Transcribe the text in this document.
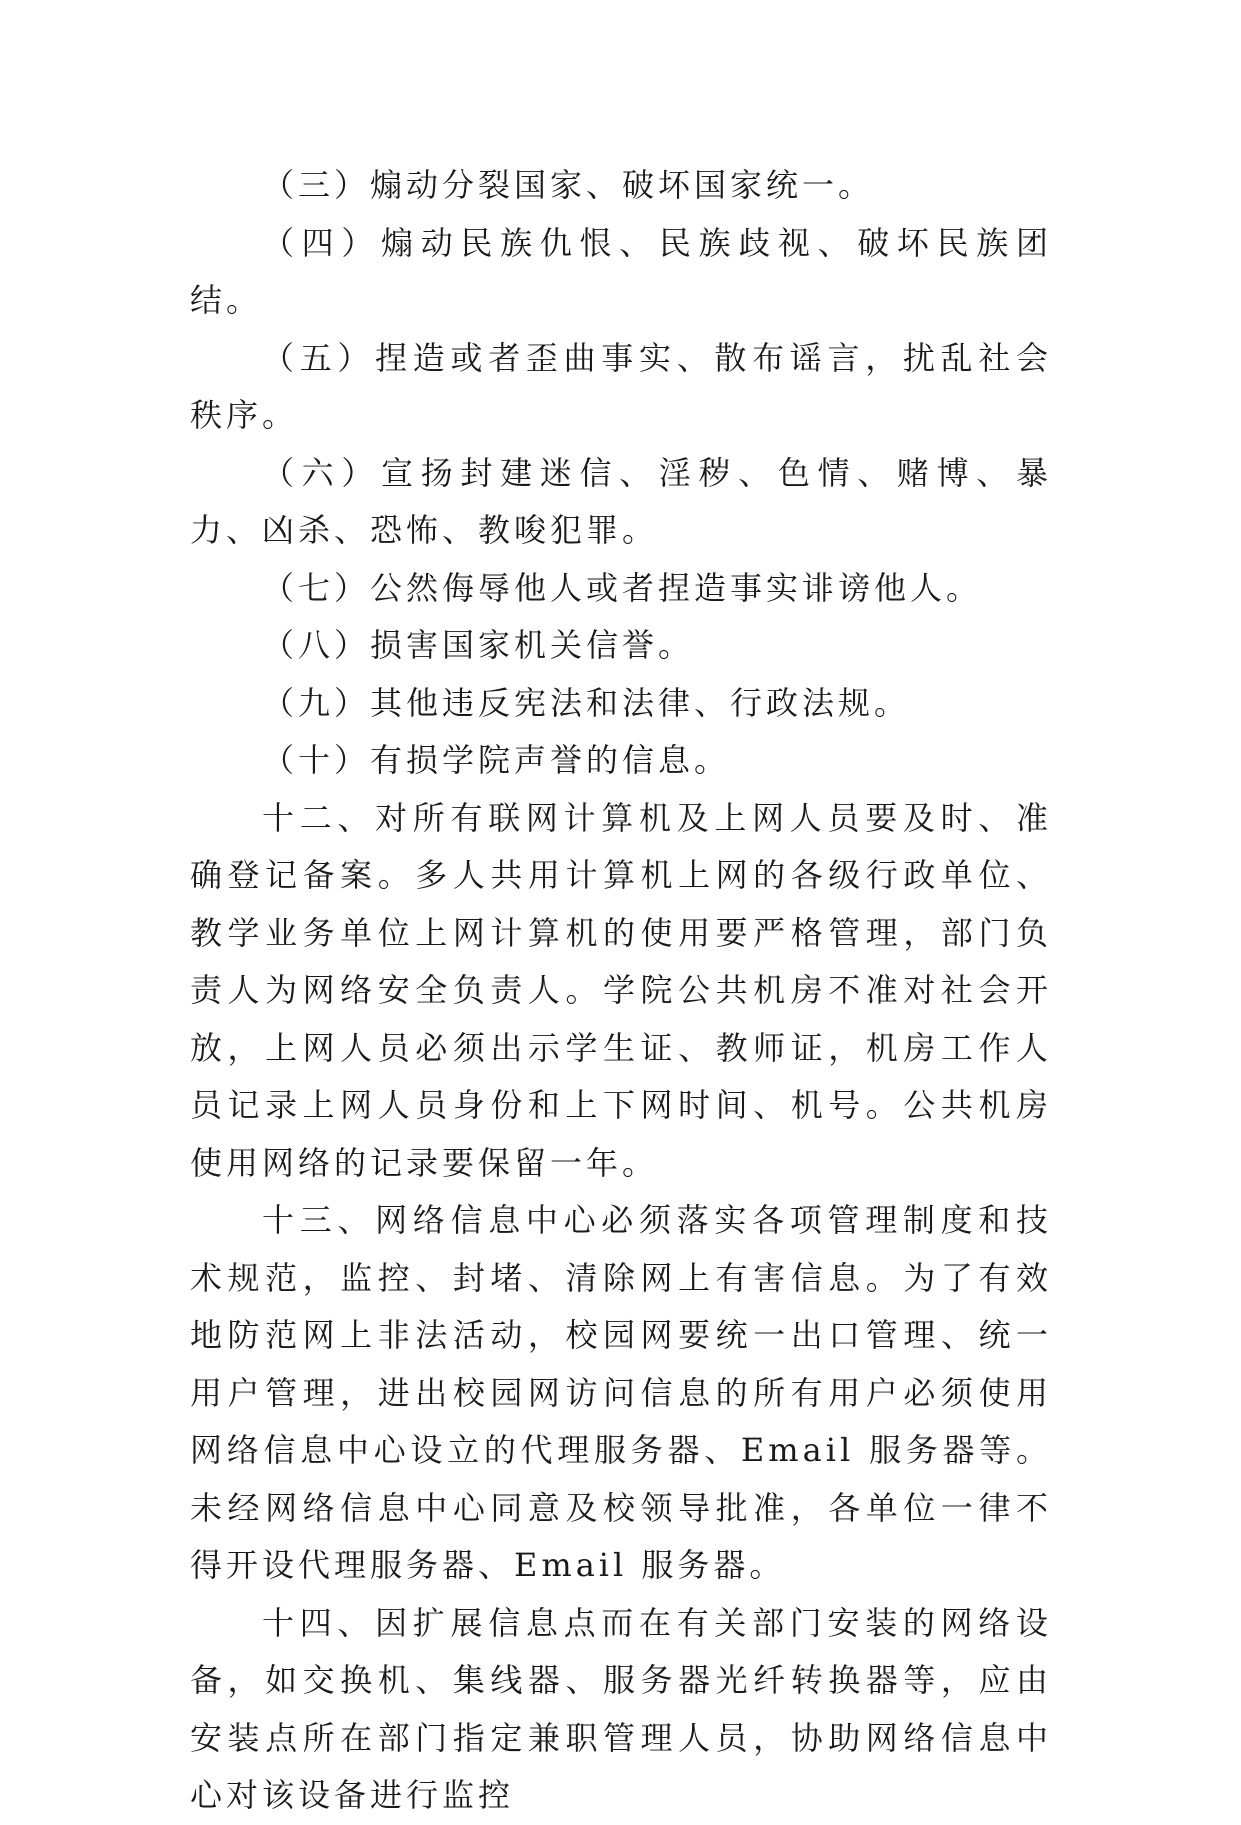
（三）煽动分裂国家、破坏国家统一。

（四）煽动民族仇恨、民族歧视、破坏民族团结。

（五）捏造或者歪曲事实、散布谣言，扰乱社会秩序。

（六）宣扬封建迷信、淫秽、色情、赌博、暴力、凶杀、恐怖、教唆犯罪。

（七）公然侮辱他人或者捏造事实诽谤他人。

（八）损害国家机关信誉。

（九）其他违反宪法和法律、行政法规。

（十）有损学院声誉的信息。

十二、对所有联网计算机及上网人员要及时、准确登记备案。多人共用计算机上网的各级行政单位、教学业务单位上网计算机的使用要严格管理，部门负责人为网络安全负责人。学院公共机房不准对社会开放，上网人员必须出示学生证、教师证，机房工作人员记录上网人员身份和上下网时间、机号。公共机房使用网络的记录要保留一年。

十三、网络信息中心必须落实各项管理制度和技术规范，监控、封堵、清除网上有害信息。为了有效地防范网上非法活动，校园网要统一出口管理、统一用户管理，进出校园网访问信息的所有用户必须使用网络信息中心设立的代理服务器、Email 服务器等。未经网络信息中心同意及校领导批准，各单位一律不得开设代理服务器、Email 服务器。

十四、因扩展信息点而在有关部门安装的网络设备，如交换机、集线器、服务器光纤转换器等，应由安装点所在部门指定兼职管理人员，协助网络信息中心对该设备进行监控
